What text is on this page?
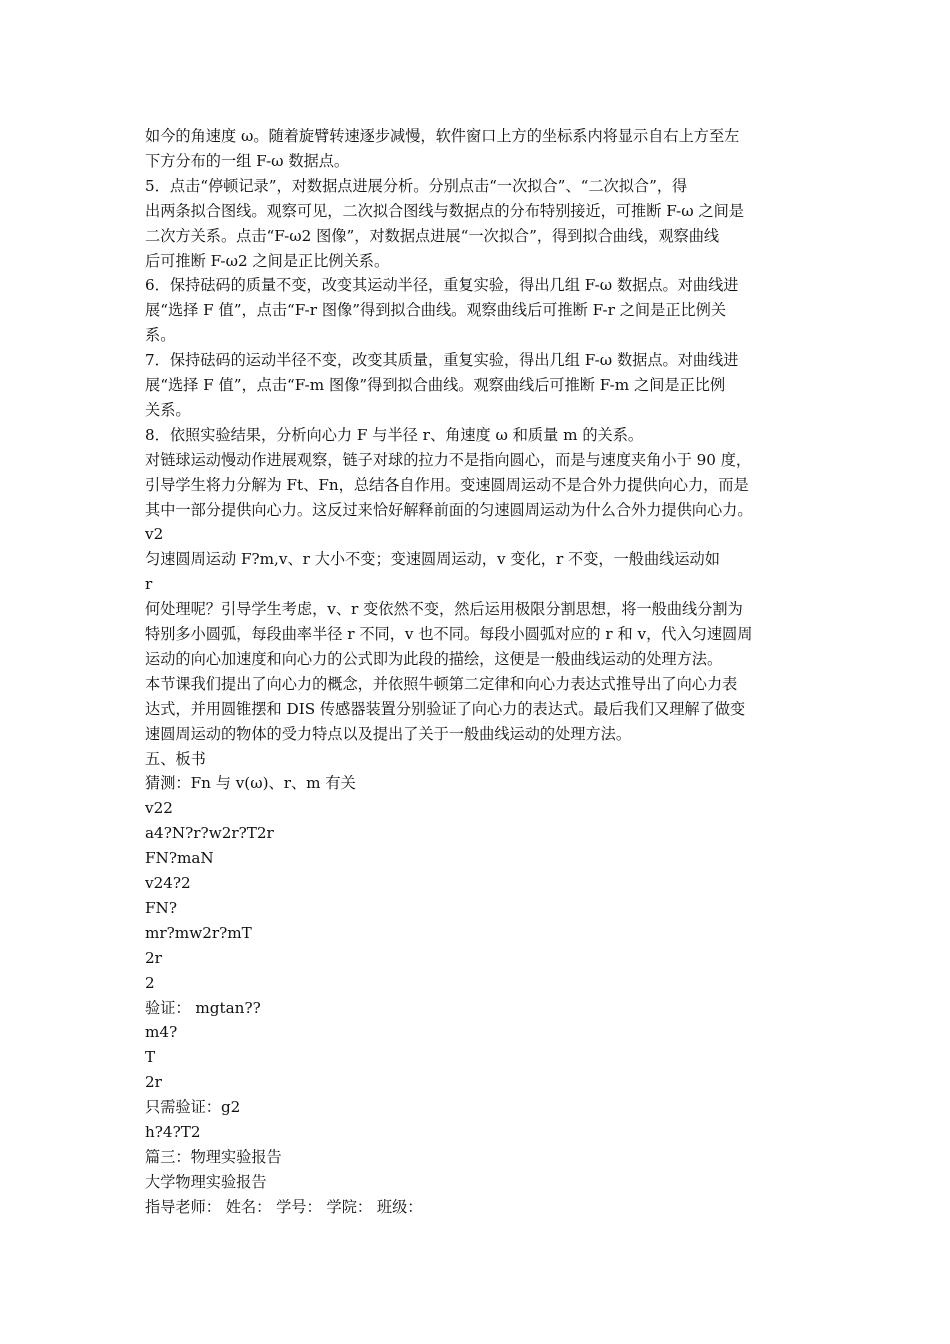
如今的角速度 ω。随着旋臂转速逐步减慢，软件窗口上方的坐标系内将显示自右上方至左

下方分布的一组 F-ω 数据点。

5．点击“停顿记录”，对数据点进展分析。分别点击“一次拟合”、“二次拟合”，得

出两条拟合图线。观察可见，二次拟合图线与数据点的分布特别接近，可推断 F-ω 之间是

二次方关系。点击“F-ω2 图像”，对数据点进展“一次拟合”，得到拟合曲线，观察曲线

后可推断 F-ω2 之间是正比例关系。

6．保持砝码的质量不变，改变其运动半径，重复实验，得出几组 F-ω 数据点。对曲线进

展“选择 F 值”，点击“F-r 图像”得到拟合曲线。观察曲线后可推断 F-r 之间是正比例关

系。

7．保持砝码的运动半径不变，改变其质量，重复实验，得出几组 F-ω 数据点。对曲线进

展“选择 F 值”，点击“F-m 图像”得到拟合曲线。观察曲线后可推断 F-m 之间是正比例

关系。

8．依照实验结果，分析向心力 F 与半径 r、角速度 ω 和质量 m 的关系。

对链球运动慢动作进展观察，链子对球的拉力不是指向圆心，而是与速度夹角小于 90 度，

引导学生将力分解为 Ft、Fn，总结各自作用。变速圆周运动不是合外力提供向心力，而是

其中一部分提供向心力。这反过来恰好解释前面的匀速圆周运动为什么合外力提供向心力。

v2

匀速圆周运动 F?m,v、r 大小不变；变速圆周运动，v 变化，r 不变，一般曲线运动如

r

何处理呢？引导学生考虑，v、r 变依然不变，然后运用极限分割思想，将一般曲线分割为

特别多小圆弧，每段曲率半径 r 不同，v 也不同。每段小圆弧对应的 r 和 v，代入匀速圆周

运动的向心加速度和向心力的公式即为此段的描绘，这便是一般曲线运动的处理方法。

本节课我们提出了向心力的概念，并依照牛顿第二定律和向心力表达式推导出了向心力表

达式，并用圆锥摆和 DIS 传感器装置分别验证了向心力的表达式。最后我们又理解了做变

速圆周运动的物体的受力特点以及提出了关于一般曲线运动的处理方法。

五、板书

猜测：Fn 与 v(ω)、r、m 有关

v22

a4?N?r?w2r?T2r

FN?maN

v24?2

FN?

mr?mw2r?mT

2r

2

验证： mgtan??

m4?

T

2r

只需验证：g2

h?4?T2

篇三：物理实验报告

大学物理实验报告

指导老师： 姓名： 学号： 学院： 班级：
